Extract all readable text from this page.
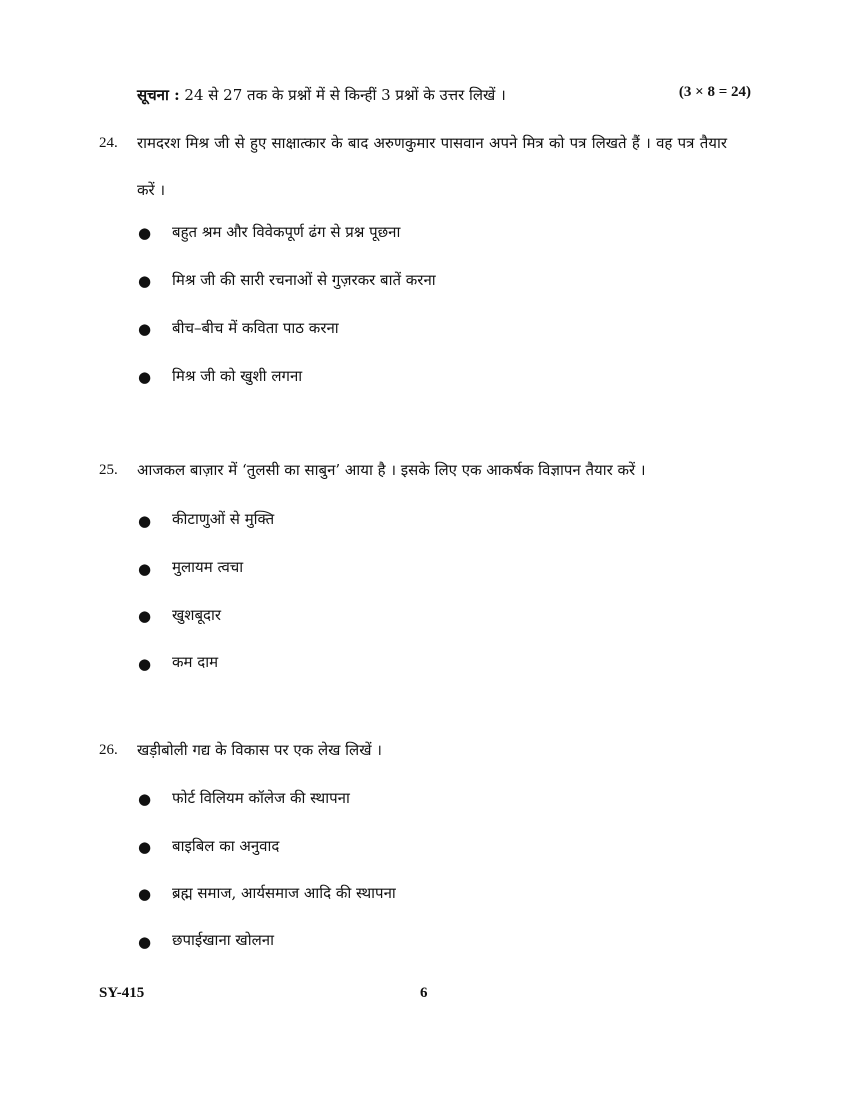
सूचना : 24 से 27 तक के प्रश्नों में से किन्हीं 3 प्रश्नों के उत्तर लिखें ।	(3 × 8 = 24)
24. रामदरश मिश्र जी से हुए साक्षात्कार के बाद अरुणकुमार पासवान अपने मित्र को पत्र लिखते हैं । वह पत्र तैयार करें ।
● बहुत श्रम और विवेकपूर्ण ढंग से प्रश्न पूछना
● मिश्र जी की सारी रचनाओं से गुज़रकर बातें करना
● बीच–बीच में कविता पाठ करना
● मिश्र जी को खुशी लगना
25. आजकल बाज़ार में ‘तुलसी का साबुन’ आया है । इसके लिए एक आकर्षक विज्ञापन तैयार करें ।
● कीटाणुओं से मुक्ति
● मुलायम त्वचा
● खुशबूदार
● कम दाम
26. खड़ीबोली गद्य के विकास पर एक लेख लिखें ।
● फोर्ट विलियम कॉलेज की स्थापना
● बाइबिल का अनुवाद
● ब्रह्म समाज, आर्यसमाज आदि की स्थापना
● छपाईखाना खोलना
SY-415	6
